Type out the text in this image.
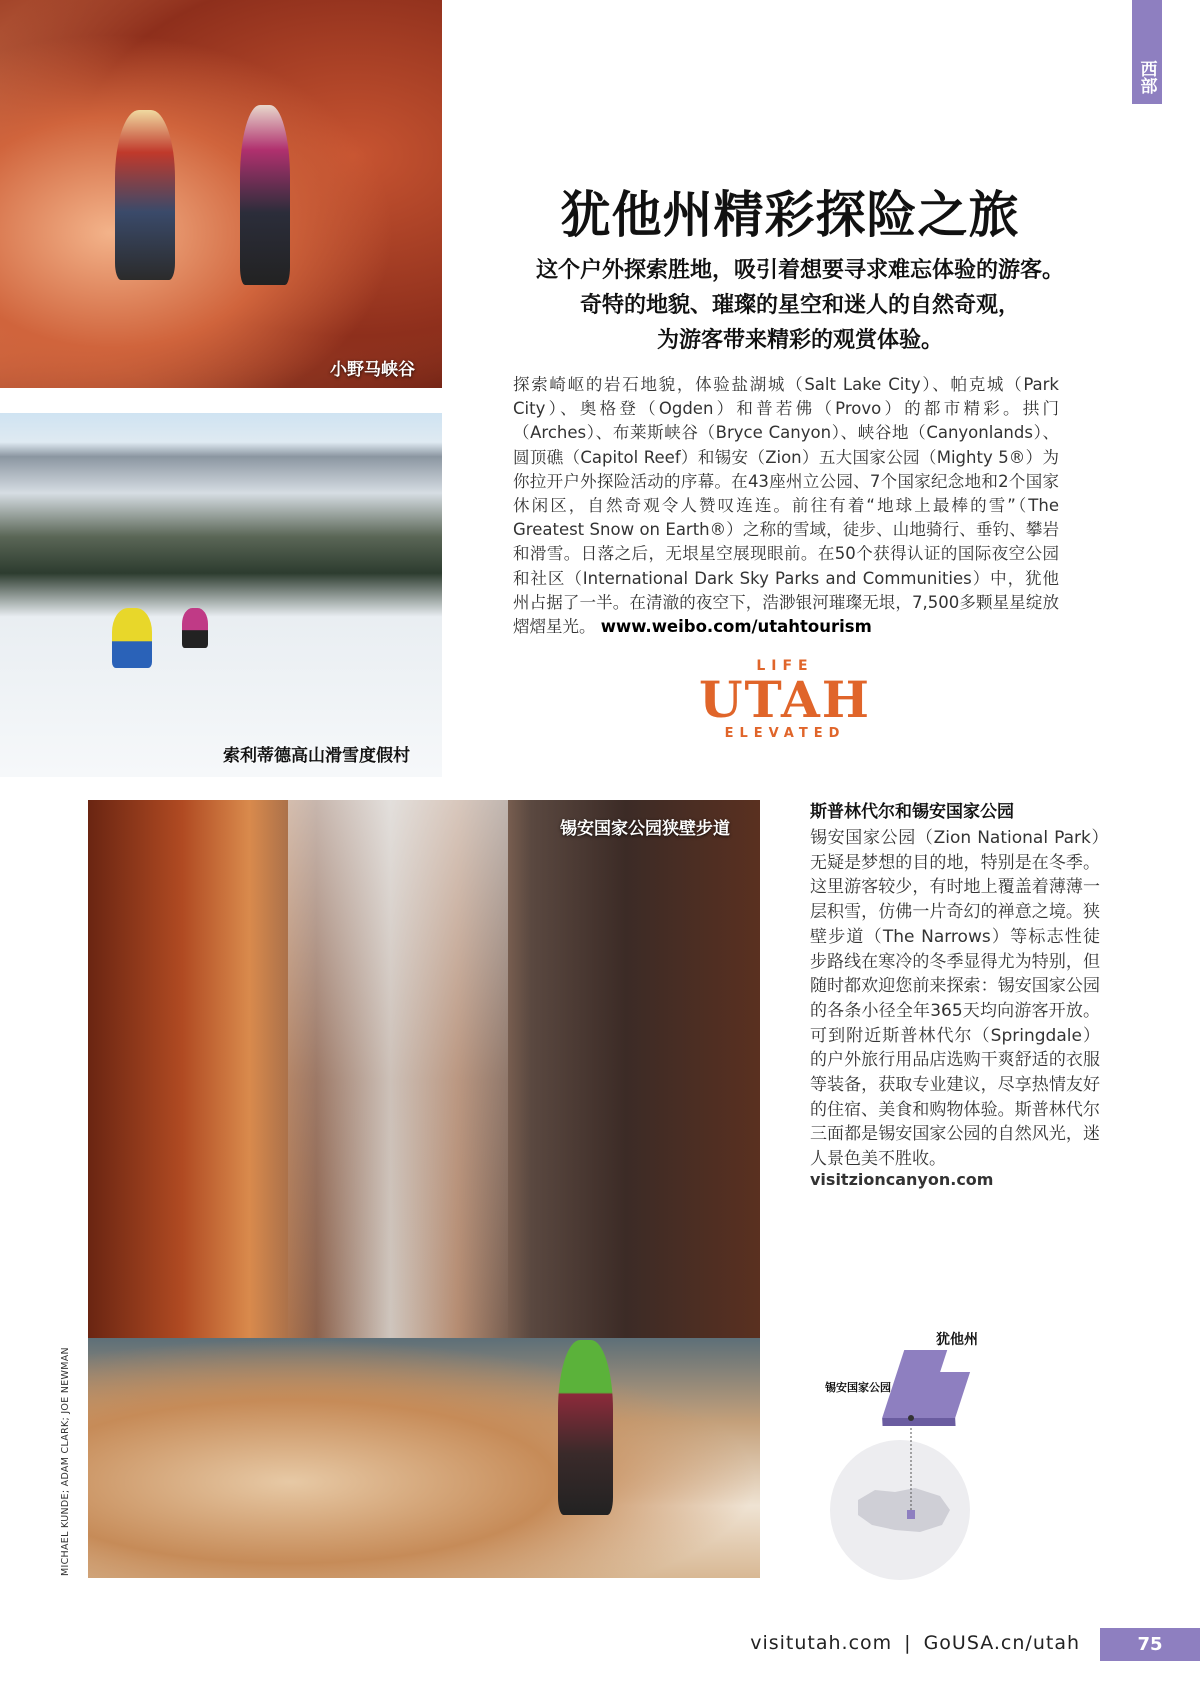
西部
小野马峡谷
索利蒂德高山滑雪度假村
犹他州精彩探险之旅
这个户外探索胜地，吸引着想要寻求难忘体验的游客。
奇特的地貌、璀璨的星空和迷人的自然奇观，
为游客带来精彩的观赏体验。
探索崎岖的岩石地貌，体验盐湖城（Salt Lake City）、帕克城（Park City）、奥格登（Ogden）和普若佛（Provo）的都市精彩。拱门（Arches）、布莱斯峡谷（Bryce Canyon）、峡谷地（Canyonlands）、圆顶礁（Capitol Reef）和锡安（Zion）五大国家公园（Mighty 5®）为你拉开户外探险活动的序幕。在43座州立公园、7个国家纪念地和2个国家休闲区，自然奇观令人赞叹连连。前往有着“地球上最棒的雪”（The Greatest Snow on Earth®）之称的雪域，徒步、山地骑行、垂钓、攀岩和滑雪。日落之后，无垠星空展现眼前。在50个获得认证的国际夜空公园和社区（International Dark Sky Parks and Communities）中，犹他州占据了一半。在清澈的夜空下，浩渺银河璀璨无垠，7,500多颗星星绽放熠熠星光。 www.weibo.com/utahtourism
LIFE
UTAH
ELEVATED
锡安国家公园狭壁步道
斯普林代尔和锡安国家公园
锡安国家公园（Zion National Park）无疑是梦想的目的地，特别是在冬季。这里游客较少，有时地上覆盖着薄薄一层积雪，仿佛一片奇幻的禅意之境。狭壁步道（The Narrows）等标志性徒步路线在寒冷的冬季显得尤为特别，但随时都欢迎您前来探索：锡安国家公园的各条小径全年365天均向游客开放。可到附近斯普林代尔（Springdale）的户外旅行用品店选购干爽舒适的衣服等装备，获取专业建议，尽享热情友好的住宿、美食和购物体验。斯普林代尔三面都是锡安国家公园的自然风光，迷人景色美不胜收。
visitzioncanyon.com
犹他州
锡安国家公园
MICHAEL KUNDE; ADAM CLARK; JOE NEWMAN
visitutah.com | GoUSA.cn/utah	75
